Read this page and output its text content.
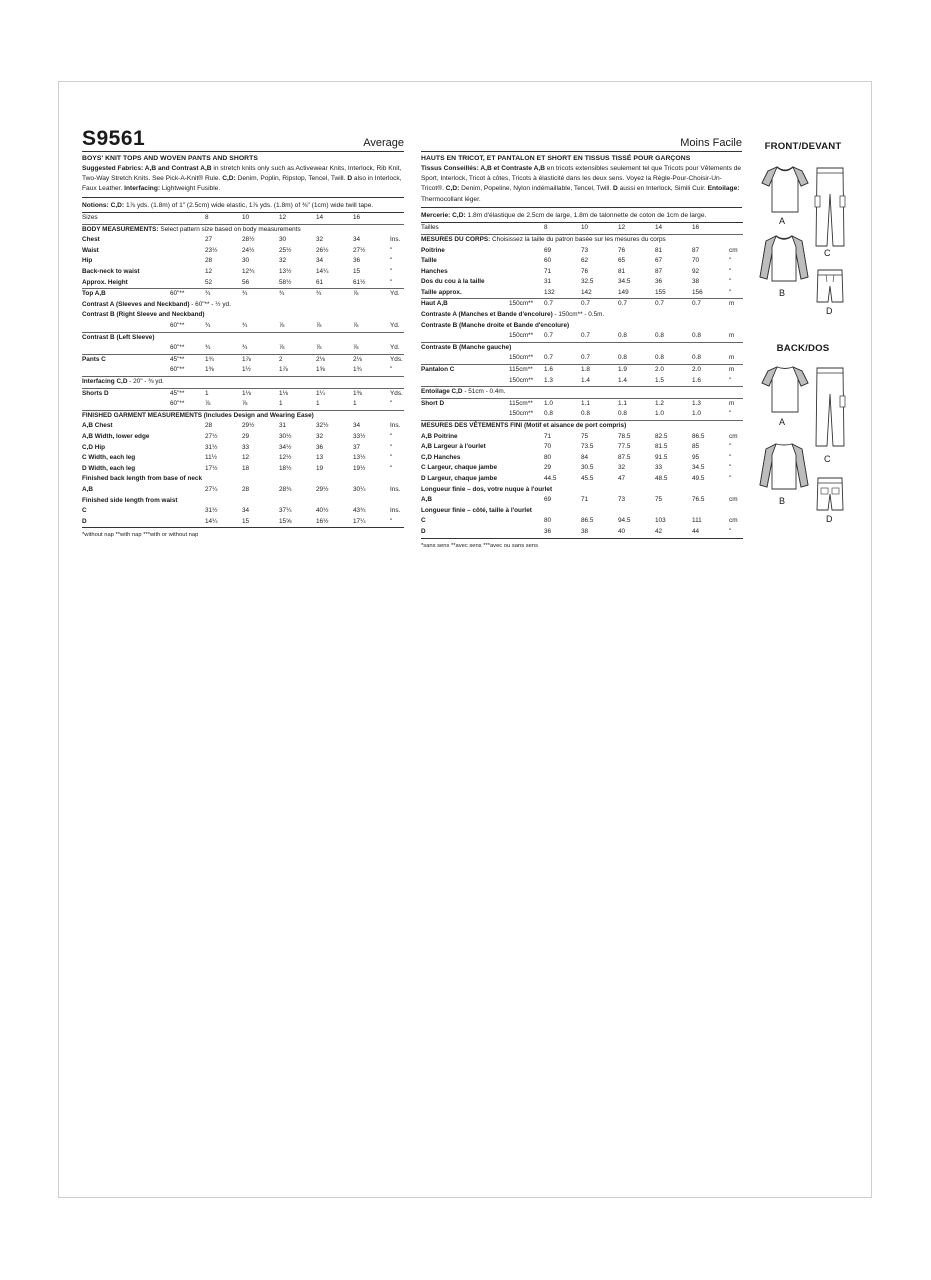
S9561	Average
BOYS' KNIT TOPS AND WOVEN PANTS AND SHORTS
Suggested Fabrics: A,B and Contrast A,B in stretch knits only such as Activewear Knits, Interlock, Rib Knit, Two-Way Stretch Knits. See Pick-A-Knit® Rule. C,D: Denim, Poplin, Ripstop, Tencel, Twill. D also in Interlock, Faux Leather. Interfacing: Lightweight Fusible.
Notions: C,D: 1⅞ yds. (1.8m) of 1" (2.5cm) wide elastic, 1⅞ yds. (1.8m) of ⅜" (1cm) wide twill tape.
Sizes		8	10	12	14	16	
BODY MEASUREMENTS: Select pattern size based on body measurements							
Chest		27	28½	30	32	34	Ins.
Waist		23½	24½	25½	26½	27½	"
Hip		28	30	32	34	36	"
Back-neck to waist		12	12¾	13½	14¼	15	"
Approx. Height		52	56	58½	61	61½	"
Top A,B	60"**	¾	¾	¾	¾	⅞	Yd.
Contrast A (Sleeves and Neckband) - 60"** - ½ yd.							
Contrast B (Right Sleeve and Neckband)							
	60"**	¾	¾	⅞	⅞	⅞	Yd.
Contrast B (Left Sleeve)							
	60"**	¾	¾	⅞	⅞	⅞	Yd.
Pants C	45"**	1¾	1⅞	2	2⅛	2⅛	Yds.
	60"**	1⅜	1½	1⅞	1⅝	1¾	"
Interfacing C,D - 20" - ⅜ yd.							
Shorts D	45"**	1	1⅛	1⅛	1¼	1⅜	Yds.
	60"**	⅞	⅞	1	1	1	"
FINISHED GARMENT MEASUREMENTS (Includes Design and Wearing Ease)							
A,B Chest		28	29½	31	32½	34	Ins.
A,B Width, lower edge		27½	29	30½	32	33½	"
C,D Hip		31½	33	34½	36	37	"
C Width, each leg		11½	12	12½	13	13½	"
D Width, each leg		17½	18	18½	19	19½	"
Finished back length from base of neck							
A,B		27¼	28	28¾	29½	30¼	Ins.
Finished side length from waist							
C		31½	34	37¼	40½	43¾	Ins.
D		14¼	15	15⅝	16½	17¼	"
*without nap **with nap ***with or without nap
Moins Facile
HAUTS EN TRICOT, ET PANTALON ET SHORT EN TISSUS TISSÉ POUR GARÇONS
Tissus Conseillés: A,B et Contraste A,B en tricots extensibles seulement tel que Tricots pour Vêtements de Sport, Interlock, Tricot à côtes, Tricots à élasticité dans les deux sens. Voyez la Règle-Pour-Choisir-Un-Tricot®. C,D: Denim, Popeline, Nylon indémaillable, Tencel, Twill. D aussi en Interlock, Simili Cuir. Entoilage: Thermocollant léger.
Mercerie: C,D: 1.8m d'élastique de 2.5cm de large, 1.8m de talonnette de coton de 1cm de large.
Tailles		8	10	12	14	16	
MESURES DU CORPS: Choisissez la taille du patron basée sur les mesures du corps							
Poitrine		69	73	76	81	87	cm
Taille		60	62	65	67	70	"
Hanches		71	76	81	87	92	"
Dos du cou à la taille		31	32.5	34.5	36	38	"
Taille approx.		132	142	149	155	156	"
Haut A,B	150cm**	0.7	0.7	0.7	0.7	0.7	m
Contraste A (Manches et Bande d'encolure) - 150cm** - 0.5m.							
Contraste B (Manche droite et Bande d'encolure)							
	150cm**	0.7	0.7	0.8	0.8	0.8	m
Contraste B (Manche gauche)							
	150cm**	0.7	0.7	0.8	0.8	0.8	m
Pantalon C	115cm**	1.6	1.8	1.9	2.0	2.0	m
	150cm**	1.3	1.4	1.4	1.5	1.6	"
Entoilage C,D - 51cm - 0.4m.							
Short D	115cm**	1.0	1.1	1.1	1.2	1.3	m
	150cm**	0.8	0.8	0.8	1.0	1.0	"
MESURES DES VÊTEMENTS FINI (Motif et aisance de port compris)							
A,B Poitrine		71	75	78.5	82.5	86.5	cm
A,B Largeur à l'ourlet		70	73.5	77.5	81.5	85	"
C,D Hanches		80	84	87.5	91.5	95	"
C Largeur, chaque jambe		29	30.5	32	33	34.5	"
D Largeur, chaque jambe		44.5	45.5	47	48.5	49.5	"
Longueur finie – dos, votre nuque à l'ourlet							
A,B		69	71	73	75	76.5	cm
Longueur finie – côté, taille à l'ourlet							
C		80	86.5	94.5	103	111	cm
D		36	38	40	42	44	"
*sans sens **avec sens ***avec ou sans sens
FRONT/DEVANT
A
B
C
D
BACK/DOS
A
B
C
D
